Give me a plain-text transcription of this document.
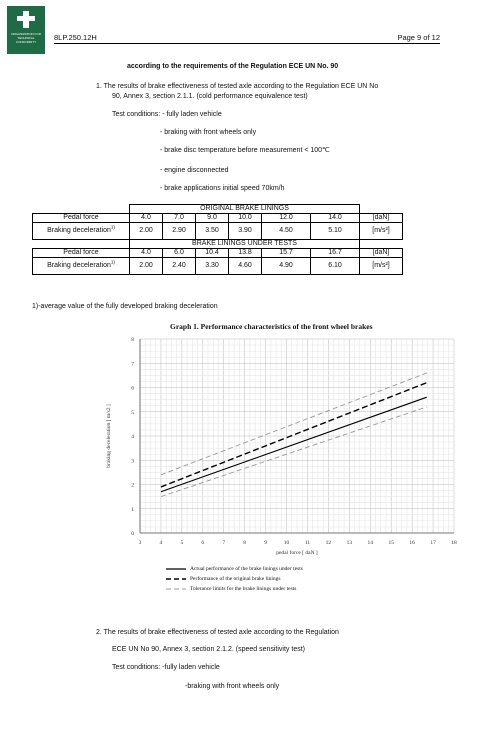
ORGANIZATION FOR TECHNICAL CONFORMITY	8LP.250.12H	Page 9 of 12
according to the requirements of the Regulation ECE UN No. 90
1. The results of brake effectiveness of tested axle according to the Regulation ECE UN No
90, Annex 3, section 2.1.1. (cold performance equivalence test)
Test conditions: - fully laden vehicle
- braking with front wheels only
- brake disc temperature before measurement < 100℃
- engine disconnected
- brake applications initial speed 70km/h
	ORIGINAL BRAKE LININGS						
Pedal force	4.0	7.0	9.0	10.0	12.0	14.0	[daN]
Braking deceleration$^{1)}$	2.00	2.90	3.50	3.90	4.50	5.10	[m/s²]
	BRAKE LININGS UNDER TESTS						
Pedal force	4.0	6.0	10.4	13.8	15.7	16.7	[daN]
Braking deceleration$^{1)}$	2.00	2.40	3.30	4.60	4.90	6.10	[m/s²]
1)-average value of the fully developed braking deceleration
Graph 1. Performance characteristics of the front wheel brakes
3	4	5	6	7	8	9	10	11	12	13	14	15	16	17	18
0
1
2
3
4
5
6
7
8
pedal force [ daN ]
braking deceleration [ m/s2 ]
Actual performance of the brake linings under tests
Performance of the original brake linings
Tolerance limits for the brake linings under tests
2. The results of brake effectiveness of tested axle according to the Regulation
ECE UN No 90, Annex 3, section 2.1.2. (speed sensitivity test)
Test conditions: -fully laden vehicle
-braking with front wheels only
